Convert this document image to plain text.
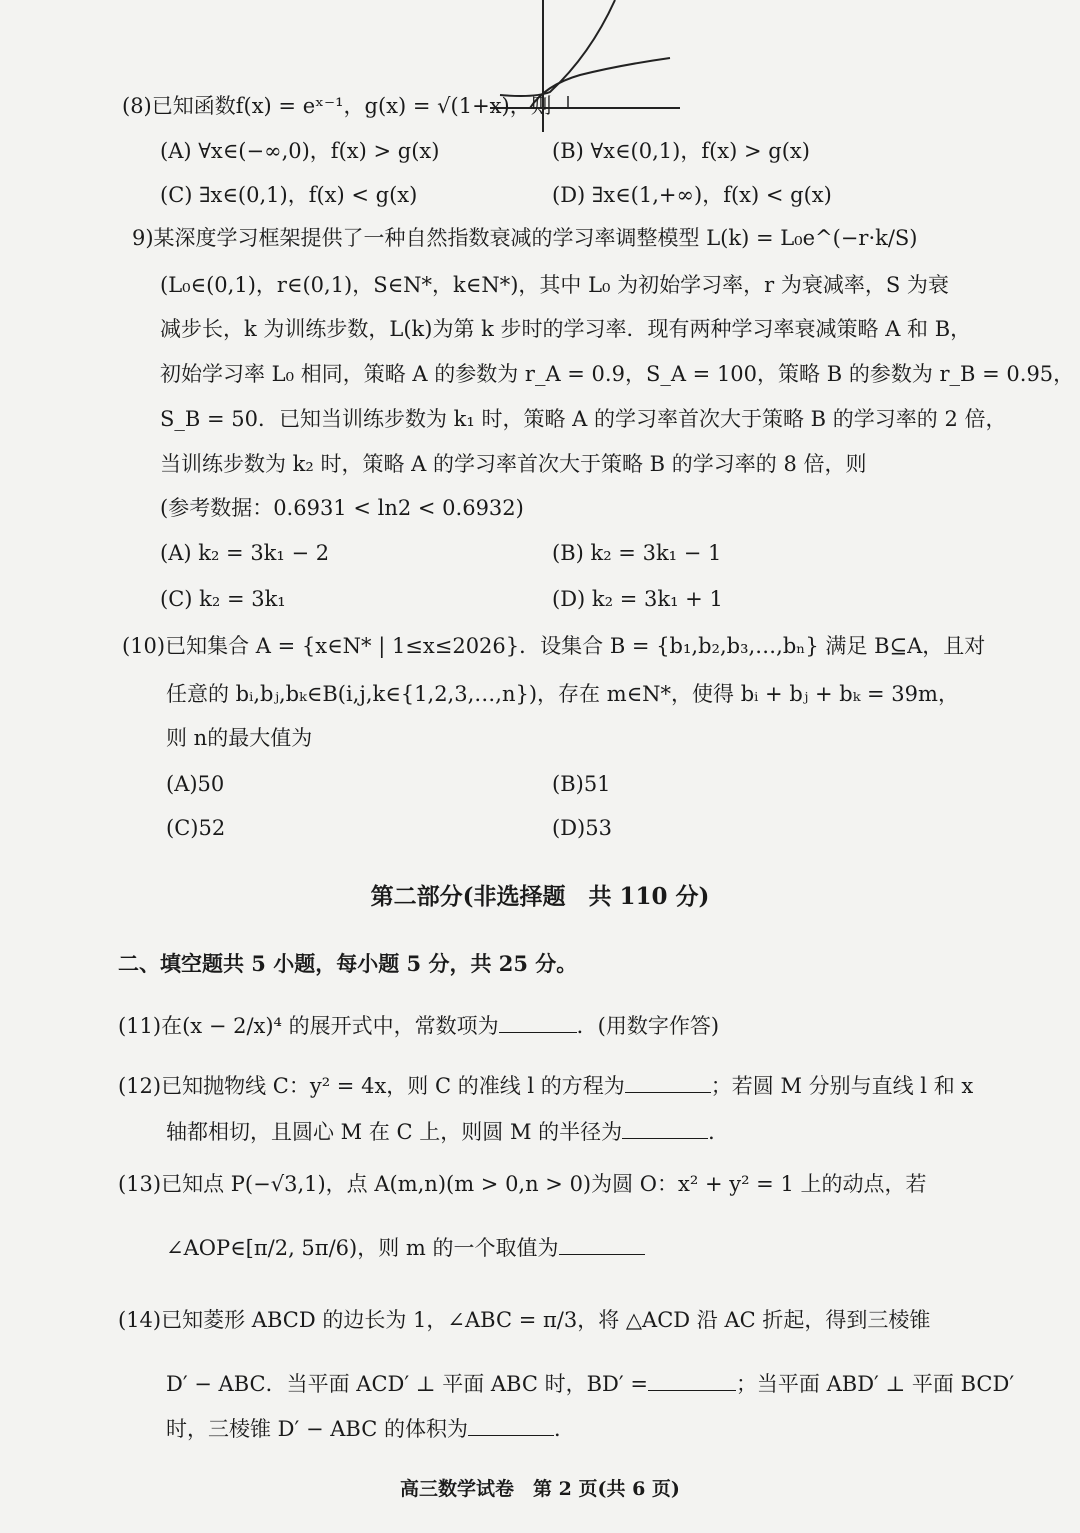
(8)已知函数f(x) = eˣ⁻¹，g(x) = √(1+x)，则
(A) ∀x∈(−∞,0)，f(x) > g(x)	(B) ∀x∈(0,1)，f(x) > g(x)
(C) ∃x∈(0,1)，f(x) < g(x)	(D) ∃x∈(1,+∞)，f(x) < g(x)
9)某深度学习框架提供了一种自然指数衰减的学习率调整模型 L(k) = L₀e^(−r·k/S)
(L₀∈(0,1)，r∈(0,1)，S∈N*，k∈N*)，其中 L₀ 为初始学习率，r 为衰减率，S 为衰
减步长，k 为训练步数，L(k)为第 k 步时的学习率．现有两种学习率衰减策略 A 和 B，
初始学习率 L₀ 相同，策略 A 的参数为 r_A = 0.9，S_A = 100，策略 B 的参数为 r_B = 0.95，
S_B = 50．已知当训练步数为 k₁ 时，策略 A 的学习率首次大于策略 B 的学习率的 2 倍，
当训练步数为 k₂ 时，策略 A 的学习率首次大于策略 B 的学习率的 8 倍，则
(参考数据：0.6931 < ln2 < 0.6932)
(A) k₂ = 3k₁ − 2	(B) k₂ = 3k₁ − 1
(C) k₂ = 3k₁	(D) k₂ = 3k₁ + 1
(10)已知集合 A = {x∈N* | 1≤x≤2026}．设集合 B = {b₁,b₂,b₃,…,bₙ} 满足 B⊆A，且对
任意的 bᵢ,bⱼ,bₖ∈B(i,j,k∈{1,2,3,…,n})，存在 m∈N*，使得 bᵢ + bⱼ + bₖ = 39m，
则 n的最大值为
(A)50	(B)51
(C)52	(D)53
第二部分(非选择题　共 110 分)
二、填空题共 5 小题，每小题 5 分，共 25 分。
(11)在(x − 2/x)⁴ 的展开式中，常数项为	．(用数字作答)
(12)已知抛物线 C：y² = 4x，则 C 的准线 l 的方程为	；若圆 M 分别与直线 l 和 x
轴都相切，且圆心 M 在 C 上，则圆 M 的半径为	．
(13)已知点 P(−√3,1)，点 A(m,n)(m > 0,n > 0)为圆 O：x² + y² = 1 上的动点，若
∠AOP∈[π/2, 5π/6)，则 m 的一个取值为
(14)已知菱形 ABCD 的边长为 1，∠ABC = π/3，将 △ACD 沿 AC 折起，得到三棱锥
D′ − ABC．当平面 ACD′ ⊥ 平面 ABC 时，BD′ =	；当平面 ABD′ ⊥ 平面 BCD′
时，三棱锥 D′ − ABC 的体积为	．
高三数学试卷　第 2 页(共 6 页)
